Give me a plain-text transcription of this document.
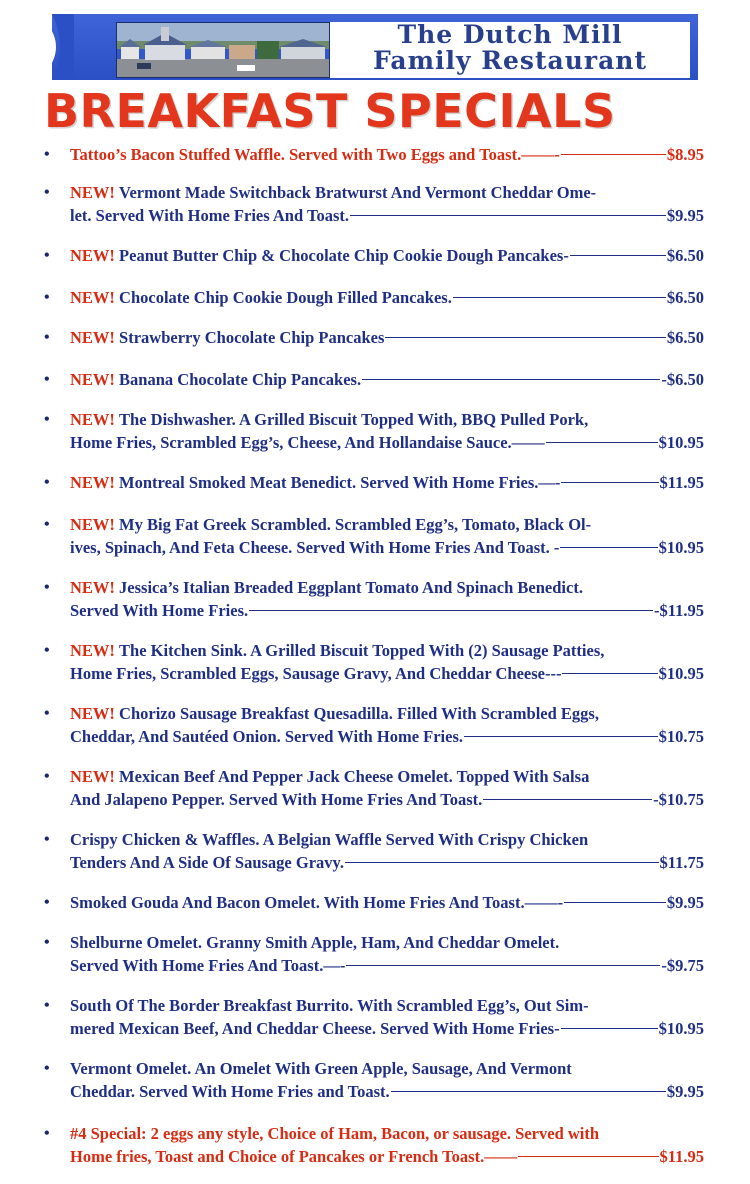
The Dutch Mill
Family Restaurant
BREAKFAST SPECIALS
• Tattoo’s Bacon Stuffed Waffle. Served with Two Eggs and Toast.——-	$8.95
• NEW! Vermont Made Switchback Bratwurst And Vermont Cheddar Ome-
let. Served With Home Fries And Toast.	$9.95
• NEW! Peanut Butter Chip & Chocolate Chip Cookie Dough Pancakes-	$6.50
• NEW! Chocolate Chip Cookie Dough Filled Pancakes.	$6.50
• NEW! Strawberry Chocolate Chip Pancakes	$6.50
• NEW! Banana Chocolate Chip Pancakes.	-$6.50
• NEW! The Dishwasher. A Grilled Biscuit Topped With, BBQ Pulled Pork,
Home Fries, Scrambled Egg’s, Cheese, And Hollandaise Sauce.——	$10.95
• NEW! Montreal Smoked Meat Benedict. Served With Home Fries.—-	$11.95
• NEW! My Big Fat Greek Scrambled. Scrambled Egg’s, Tomato, Black Ol-
ives, Spinach, And Feta Cheese. Served With Home Fries And Toast. -	$10.95
• NEW! Jessica’s Italian Breaded Eggplant Tomato And Spinach Benedict.
Served With Home Fries.	-$11.95
• NEW! The Kitchen Sink. A Grilled Biscuit Topped With (2) Sausage Patties,
Home Fries, Scrambled Eggs, Sausage Gravy, And Cheddar Cheese---	$10.95
• NEW! Chorizo Sausage Breakfast Quesadilla. Filled With Scrambled Eggs,
Cheddar, And Sautéed Onion. Served With Home Fries.	$10.75
• NEW! Mexican Beef And Pepper Jack Cheese Omelet. Topped With Salsa
And Jalapeno Pepper. Served With Home Fries And Toast.	-$10.75
• Crispy Chicken & Waffles. A Belgian Waffle Served With Crispy Chicken
Tenders And A Side Of Sausage Gravy.	$11.75
• Smoked Gouda And Bacon Omelet. With Home Fries And Toast.——-	$9.95
• Shelburne Omelet. Granny Smith Apple, Ham, And Cheddar Omelet.
Served With Home Fries And Toast.—-	-$9.75
• South Of The Border Breakfast Burrito. With Scrambled Egg’s, Out Sim-
mered Mexican Beef, And Cheddar Cheese. Served With Home Fries-	$10.95
• Vermont Omelet. An Omelet With Green Apple, Sausage, And Vermont
Cheddar. Served With Home Fries and Toast.	$9.95
• #4 Special: 2 eggs any style, Choice of Ham, Bacon, or sausage. Served with
Home fries, Toast and Choice of Pancakes or French Toast.——	$11.95
